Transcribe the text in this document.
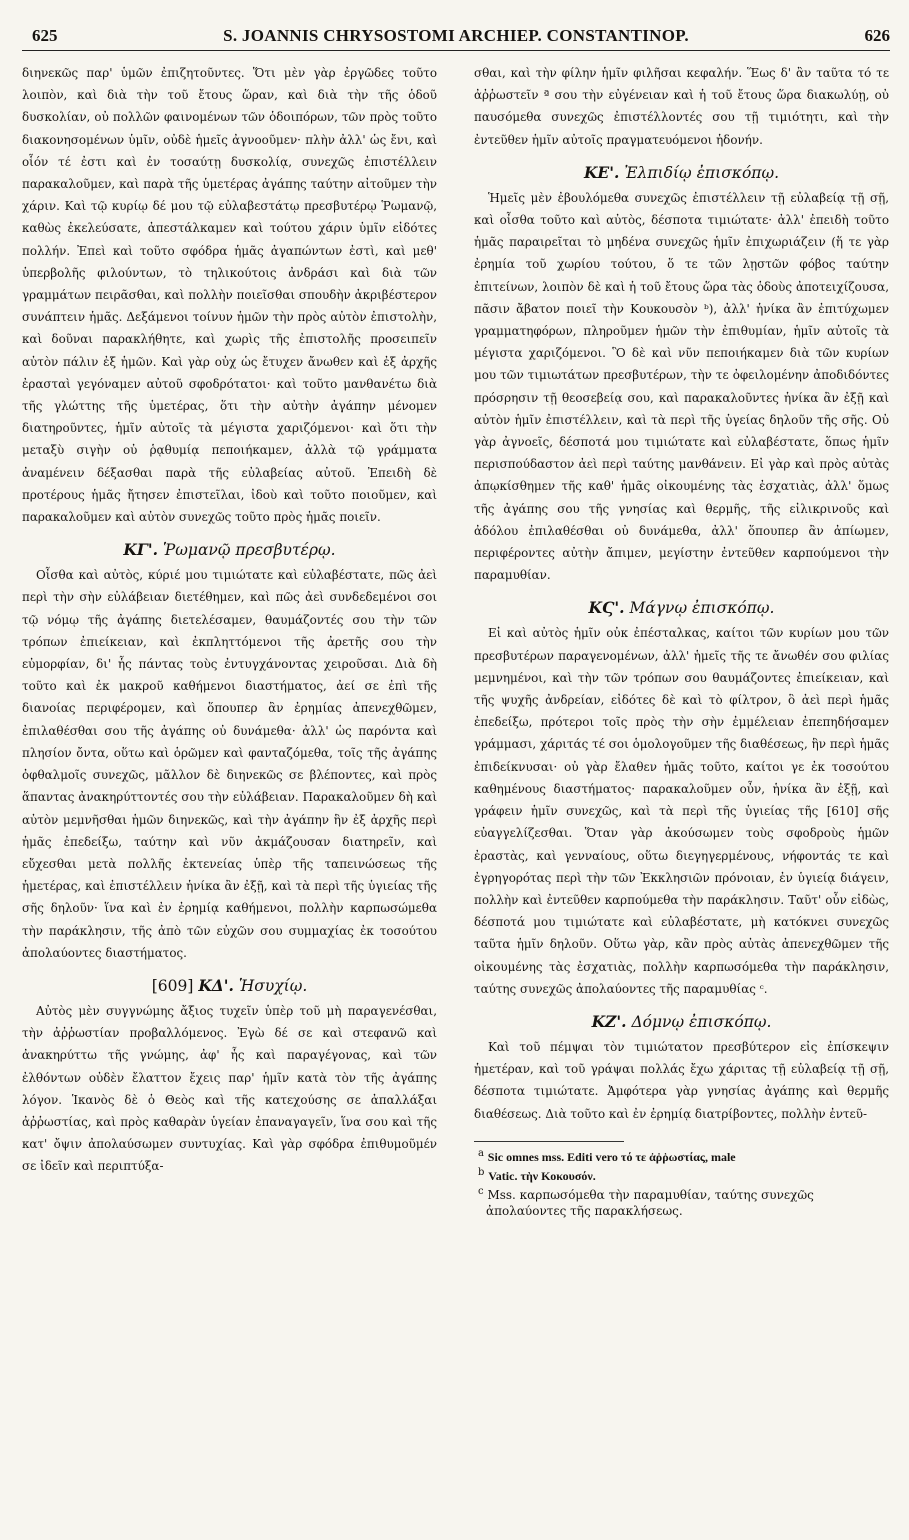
625	S. JOANNIS CHRYSOSTOMI ARCHIEP. CONSTANTINOP.	626

διηνεκῶς παρ' ὑμῶν ἐπιζητοῦντες. Ὅτι μὲν γὰρ ἐργῶδες τοῦτο λοιπὸν, καὶ διὰ τὴν τοῦ ἔτους ὥραν, καὶ διὰ τὴν τῆς ὁδοῦ δυσκολίαν, οὐ πολλῶν φαινομένων τῶν ὁδοιπόρων, τῶν πρὸς τοῦτο διακονησομένων ὑμῖν, οὐδὲ ἡμεῖς ἀγνοοῦμεν· πλὴν ἀλλ' ὡς ἔνι, καὶ οἷόν τέ ἐστι καὶ ἐν τοσαύτῃ δυσκολίᾳ, συνεχῶς ἐπιστέλλειν παρακαλοῦμεν, καὶ παρὰ τῆς ὑμετέρας ἀγάπης ταύτην αἰτοῦμεν τὴν χάριν. Καὶ τῷ κυρίῳ δέ μου τῷ εὐλαβεστάτῳ πρεσβυτέρῳ Ῥωμανῷ, καθὼς ἐκελεύσατε, ἀπεστάλκαμεν καὶ τούτου χάριν ὑμῖν εἰδότες πολλήν. Ἐπεὶ καὶ τοῦτο σφόδρα ἡμᾶς ἀγαπώντων ἐστὶ, καὶ μεθ' ὑπερβολῆς φιλούντων, τὸ τηλικούτοις ἀνδράσι καὶ διὰ τῶν γραμμάτων πειρᾶσθαι, καὶ πολλὴν ποιεῖσθαι σπουδὴν ἀκριβέστερον συνάπτειν ἡμᾶς. Δεξάμενοι τοίνυν ἡμῶν τὴν πρὸς αὐτὸν ἐπιστολὴν, καὶ δοῦναι παρακλήθητε, καὶ χωρὶς τῆς ἐπιστολῆς προσειπεῖν αὐτὸν πάλιν ἐξ ἡμῶν. Καὶ γὰρ οὐχ ὡς ἔτυχεν ἄνωθεν καὶ ἐξ ἀρχῆς ἐρασταὶ γεγόναμεν αὐτοῦ σφοδρότατοι· καὶ τοῦτο μανθανέτω διὰ τῆς γλώττης τῆς ὑμετέρας, ὅτι τὴν αὐτὴν ἀγάπην μένομεν διατηροῦντες, ἡμῖν αὐτοῖς τὰ μέγιστα χαριζόμενοι· καὶ ὅτι τὴν μεταξὺ σιγὴν οὐ ῥᾳθυμίᾳ πεποιήκαμεν, ἀλλὰ τῷ γράμματα ἀναμένειν δέξασθαι παρὰ τῆς εὐλαβείας αὐτοῦ. Ἐπειδὴ δὲ προτέρους ἡμᾶς ἤτησεν ἐπιστεῖλαι, ἰδοὺ καὶ τοῦτο ποιοῦμεν, καὶ παρακαλοῦμεν καὶ αὐτὸν συνεχῶς τοῦτο πρὸς ἡμᾶς ποιεῖν.

ΚΓ'. Ῥωμανῷ πρεσβυτέρῳ.

Οἶσθα καὶ αὐτὸς, κύριέ μου τιμιώτατε καὶ εὐλαβέστατε, πῶς ἀεὶ περὶ τὴν σὴν εὐλάβειαν διετέθημεν, καὶ πῶς ἀεὶ συνδεδεμένοι σοι τῷ νόμῳ τῆς ἀγάπης διετελέσαμεν, θαυμάζοντές σου τὴν τῶν τρόπων ἐπιείκειαν, καὶ ἐκπληττόμενοι τῆς ἀρετῆς σου τὴν εὐμορφίαν, δι' ἧς πάντας τοὺς ἐντυγχάνοντας χειροῦσαι. Διὰ δὴ τοῦτο καὶ ἐκ μακροῦ καθήμενοι διαστήματος, ἀεί σε ἐπὶ τῆς διανοίας περιφέρομεν, καὶ ὅπουπερ ἂν ἐρημίας ἀπενεχθῶμεν, ἐπιλαθέσθαι σου τῆς ἀγάπης οὐ δυνάμεθα· ἀλλ' ὡς παρόντα καὶ πλησίον ὄντα, οὕτω καὶ ὁρῶμεν καὶ φανταζόμεθα, τοῖς τῆς ἀγάπης ὀφθαλμοῖς συνεχῶς, μᾶλλον δὲ διηνεκῶς σε βλέποντες, καὶ πρὸς ἅπαντας ἀνακηρύττοντές σου τὴν εὐλάβειαν. Παρακαλοῦμεν δὴ καὶ αὐτὸν μεμνῆσθαι ἡμῶν διηνεκῶς, καὶ τὴν ἀγάπην ἣν ἐξ ἀρχῆς περὶ ἡμᾶς ἐπεδείξω, ταύτην καὶ νῦν ἀκμάζουσαν διατηρεῖν, καὶ εὔχεσθαι μετὰ πολλῆς ἐκτενείας ὑπὲρ τῆς ταπεινώσεως τῆς ἡμετέρας, καὶ ἐπιστέλλειν ἡνίκα ἂν ἐξῇ, καὶ τὰ περὶ τῆς ὑγιείας τῆς σῆς δηλοῦν· ἵνα καὶ ἐν ἐρημίᾳ καθήμενοι, πολλὴν καρπωσώμεθα τὴν παράκλησιν, τῆς ἀπὸ τῶν εὐχῶν σου συμμαχίας ἐκ τοσούτου ἀπολαύοντες διαστήματος.

[609] ΚΔ'. Ἡσυχίῳ.

Αὐτὸς μὲν συγγνώμης ἄξιος τυχεῖν ὑπὲρ τοῦ μὴ παραγενέσθαι, τὴν ἀῤῥωστίαν προβαλλόμενος. Ἐγὼ δέ σε καὶ στεφανῶ καὶ ἀνακηρύττω τῆς γνώμης, ἀφ' ἧς καὶ παραγέγονας, καὶ τῶν ἐλθόντων οὐδὲν ἔλαττον ἔχεις παρ' ἡμῖν κατὰ τὸν τῆς ἀγάπης λόγον. Ἱκανὸς δὲ ὁ Θεὸς καὶ τῆς κατεχούσης σε ἀπαλλάξαι ἀῤῥωστίας, καὶ πρὸς καθαρὰν ὑγείαν ἐπαναγαγεῖν, ἵνα σου καὶ τῆς κατ' ὄψιν ἀπολαύσωμεν συντυχίας. Καὶ γὰρ σφόδρα ἐπιθυμοῦμέν σε ἰδεῖν καὶ περιπτύξα-

σθαι, καὶ τὴν φίλην ἡμῖν φιλῆσαι κεφαλήν. Ἕως δ' ἂν ταῦτα τό τε ἀῤῥωστεῖν ª σου τὴν εὐγένειαν καὶ ἡ τοῦ ἔτους ὥρα διακωλύῃ, οὐ παυσόμεθα συνεχῶς ἐπιστέλλοντές σου τῇ τιμιότητι, καὶ τὴν ἐντεῦθεν ἡμῖν αὐτοῖς πραγματευόμενοι ἡδονήν.

ΚΕ'. Ἐλπιδίῳ ἐπισκόπῳ.

Ἡμεῖς μὲν ἐβουλόμεθα συνεχῶς ἐπιστέλλειν τῇ εὐλαβείᾳ τῇ σῇ, καὶ οἶσθα τοῦτο καὶ αὐτὸς, δέσποτα τιμιώτατε· ἀλλ' ἐπειδὴ τοῦτο ἡμᾶς παραιρεῖται τὸ μηδένα συνεχῶς ἡμῖν ἐπιχωριάζειν (ἥ τε γὰρ ἐρημία τοῦ χωρίου τούτου, ὅ τε τῶν λῃστῶν φόβος ταύτην ἐπιτείνων, λοιπὸν δὲ καὶ ἡ τοῦ ἔτους ὥρα τὰς ὁδοὺς ἀποτειχίζουσα, πᾶσιν ἄβατον ποιεῖ τὴν Κουκουσὸν ᵇ), ἀλλ' ἡνίκα ἂν ἐπιτύχωμεν γραμματηφόρων, πληροῦμεν ἡμῶν τὴν ἐπιθυμίαν, ἡμῖν αὐτοῖς τὰ μέγιστα χαριζόμενοι. Ὃ δὲ καὶ νῦν πεποιήκαμεν διὰ τῶν κυρίων μου τῶν τιμιωτάτων πρεσβυτέρων, τὴν τε ὀφειλομένην ἀποδιδόντες πρόσρησιν τῇ θεοσεβείᾳ σου, καὶ παρακαλοῦντες ἡνίκα ἂν ἐξῇ καὶ αὐτὸν ἡμῖν ἐπιστέλλειν, καὶ τὰ περὶ τῆς ὑγείας δηλοῦν τῆς σῆς. Οὐ γὰρ ἀγνοεῖς, δέσποτά μου τιμιώτατε καὶ εὐλαβέστατε, ὅπως ἡμῖν περισπούδαστον ἀεὶ περὶ ταύτης μανθάνειν. Εἰ γὰρ καὶ πρὸς αὐτὰς ἀπῳκίσθημεν τῆς καθ' ἡμᾶς οἰκουμένης τὰς ἐσχατιὰς, ἀλλ' ὅμως τῆς ἀγάπης σου τῆς γνησίας καὶ θερμῆς, τῆς εἰλικρινοῦς καὶ ἀδόλου ἐπιλαθέσθαι οὐ δυνάμεθα, ἀλλ' ὅπουπερ ἂν ἀπίωμεν, περιφέροντες αὐτὴν ἄπιμεν, μεγίστην ἐντεῦθεν καρπούμενοι τὴν παραμυθίαν.

ΚϚ'. Μάγνῳ ἐπισκόπῳ.

Εἰ καὶ αὐτὸς ἡμῖν οὐκ ἐπέσταλκας, καίτοι τῶν κυρίων μου τῶν πρεσβυτέρων παραγενομένων, ἀλλ' ἡμεῖς τῆς τε ἄνωθέν σου φιλίας μεμνημένοι, καὶ τὴν τῶν τρόπων σου θαυμάζοντες ἐπιείκειαν, καὶ τῆς ψυχῆς ἀνδρείαν, εἰδότες δὲ καὶ τὸ φίλτρον, ὃ ἀεὶ περὶ ἡμᾶς ἐπεδείξω, πρότεροι τοῖς πρὸς τὴν σὴν ἐμμέλειαν ἐπεπηδήσαμεν γράμμασι, χάριτάς τέ σοι ὁμολογοῦμεν τῆς διαθέσεως, ἣν περὶ ἡμᾶς ἐπιδείκνυσαι· οὐ γὰρ ἔλαθεν ἡμᾶς τοῦτο, καίτοι γε ἐκ τοσούτου καθημένους διαστήματος· παρακαλοῦμεν οὖν, ἡνίκα ἂν ἐξῇ, καὶ γράφειν ἡμῖν συνεχῶς, καὶ τὰ περὶ τῆς ὑγιείας τῆς [610] σῆς εὐαγγελίζεσθαι. Ὅταν γὰρ ἀκούσωμεν τοὺς σφοδροὺς ἡμῶν ἐραστὰς, καὶ γενναίους, οὕτω διεγηγερμένους, νήφοντάς τε καὶ ἐγρηγορότας περὶ τὴν τῶν Ἐκκλησιῶν πρόνοιαν, ἐν ὑγιείᾳ διάγειν, πολλὴν καὶ ἐντεῦθεν καρπούμεθα τὴν παράκλησιν. Ταῦτ' οὖν εἰδὼς, δέσποτά μου τιμιώτατε καὶ εὐλαβέστατε, μὴ κατόκνει συνεχῶς ταῦτα ἡμῖν δηλοῦν. Οὕτω γὰρ, κἂν πρὸς αὐτὰς ἀπενεχθῶμεν τῆς οἰκουμένης τὰς ἐσχατιὰς, πολλὴν καρπωσόμεθα τὴν παράκλησιν, ταύτης συνεχῶς ἀπολαύοντες τῆς παραμυθίας ᶜ.

ΚΖ'. Δόμνῳ ἐπισκόπῳ.

Καὶ τοῦ πέμψαι τὸν τιμιώτατον πρεσβύτερον εἰς ἐπίσκεψιν ἡμετέραν, καὶ τοῦ γράψαι πολλάς ἔχω χάριτας τῇ εὐλαβείᾳ τῇ σῇ, δέσποτα τιμιώτατε. Ἀμφότερα γὰρ γνησίας ἀγάπης καὶ θερμῆς διαθέσεως. Διὰ τοῦτο καὶ ἐν ἐρημίᾳ διατρίβοντες, πολλὴν ἐντεῦ-

$^a$ Sic omnes mss. Editi vero τό τε ἀῤῥωστίας, male
$^b$ Vatic. τὴν Κοκουσόν.
$^c$ Mss. καρπωσόμεθα τὴν παραμυθίαν, ταύτης συνεχῶς ἀπολαύοντες τῆς παρακλήσεως.
